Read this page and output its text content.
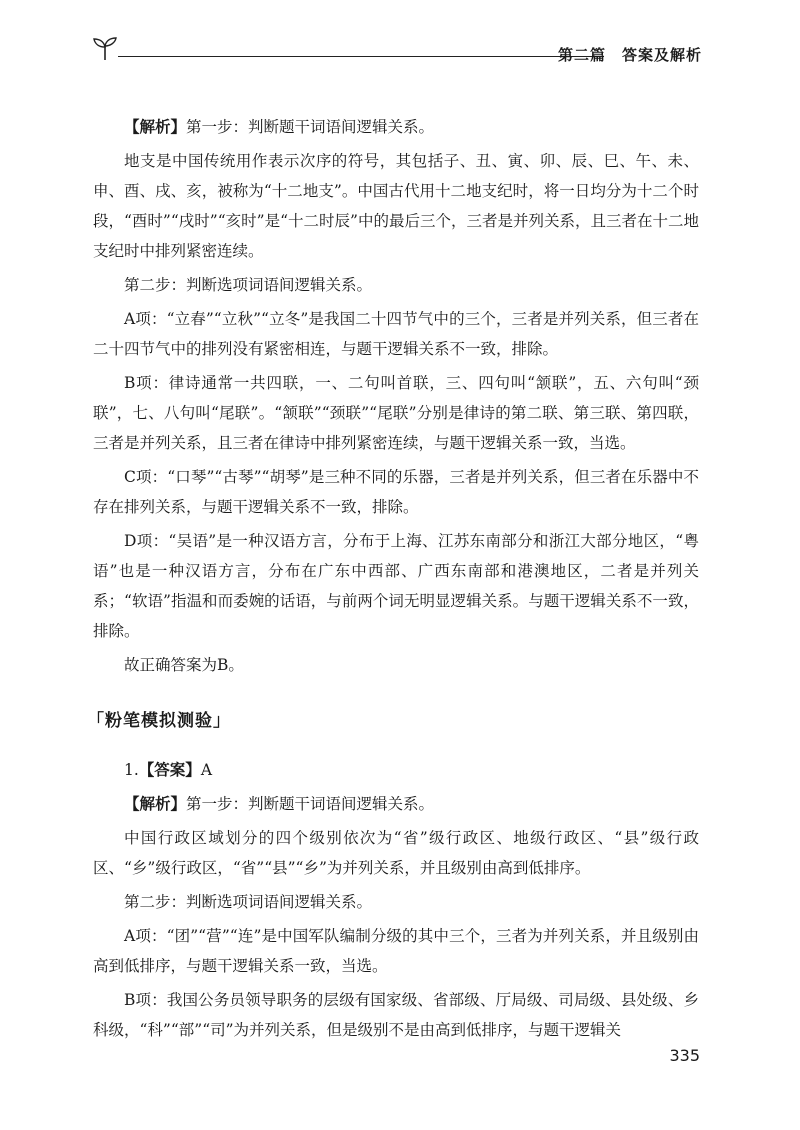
第二篇　答案及解析

【解析】第一步：判断题干词语间逻辑关系。

地支是中国传统用作表示次序的符号，其包括子、丑、寅、卯、辰、巳、午、未、申、酉、戌、亥，被称为“十二地支”。中国古代用十二地支纪时，将一日均分为十二个时段，“酉时”“戌时”“亥时”是“十二时辰”中的最后三个，三者是并列关系，且三者在十二地支纪时中排列紧密连续。

第二步：判断选项词语间逻辑关系。

A项：“立春”“立秋”“立冬”是我国二十四节气中的三个，三者是并列关系，但三者在二十四节气中的排列没有紧密相连，与题干逻辑关系不一致，排除。

B项：律诗通常一共四联，一、二句叫首联，三、四句叫“颔联”，五、六句叫“颈联”，七、八句叫“尾联”。“颔联”“颈联”“尾联”分别是律诗的第二联、第三联、第四联，三者是并列关系，且三者在律诗中排列紧密连续，与题干逻辑关系一致，当选。

C项：“口琴”“古琴”“胡琴”是三种不同的乐器，三者是并列关系，但三者在乐器中不存在排列关系，与题干逻辑关系不一致，排除。

D项：“吴语”是一种汉语方言，分布于上海、江苏东南部分和浙江大部分地区，“粤语”也是一种汉语方言，分布在广东中西部、广西东南部和港澳地区，二者是并列关系；“软语”指温和而委婉的话语，与前两个词无明显逻辑关系。与题干逻辑关系不一致，排除。

故正确答案为B。

「粉笔模拟测验」

1.【答案】A

【解析】第一步：判断题干词语间逻辑关系。

中国行政区域划分的四个级别依次为“省”级行政区、地级行政区、“县”级行政区、“乡”级行政区，“省”“县”“乡”为并列关系，并且级别由高到低排序。

第二步：判断选项词语间逻辑关系。

A项：“团”“营”“连”是中国军队编制分级的其中三个，三者为并列关系，并且级别由高到低排序，与题干逻辑关系一致，当选。

B项：我国公务员领导职务的层级有国家级、省部级、厅局级、司局级、县处级、乡科级，“科”“部”“司”为并列关系，但是级别不是由高到低排序，与题干逻辑关

335
